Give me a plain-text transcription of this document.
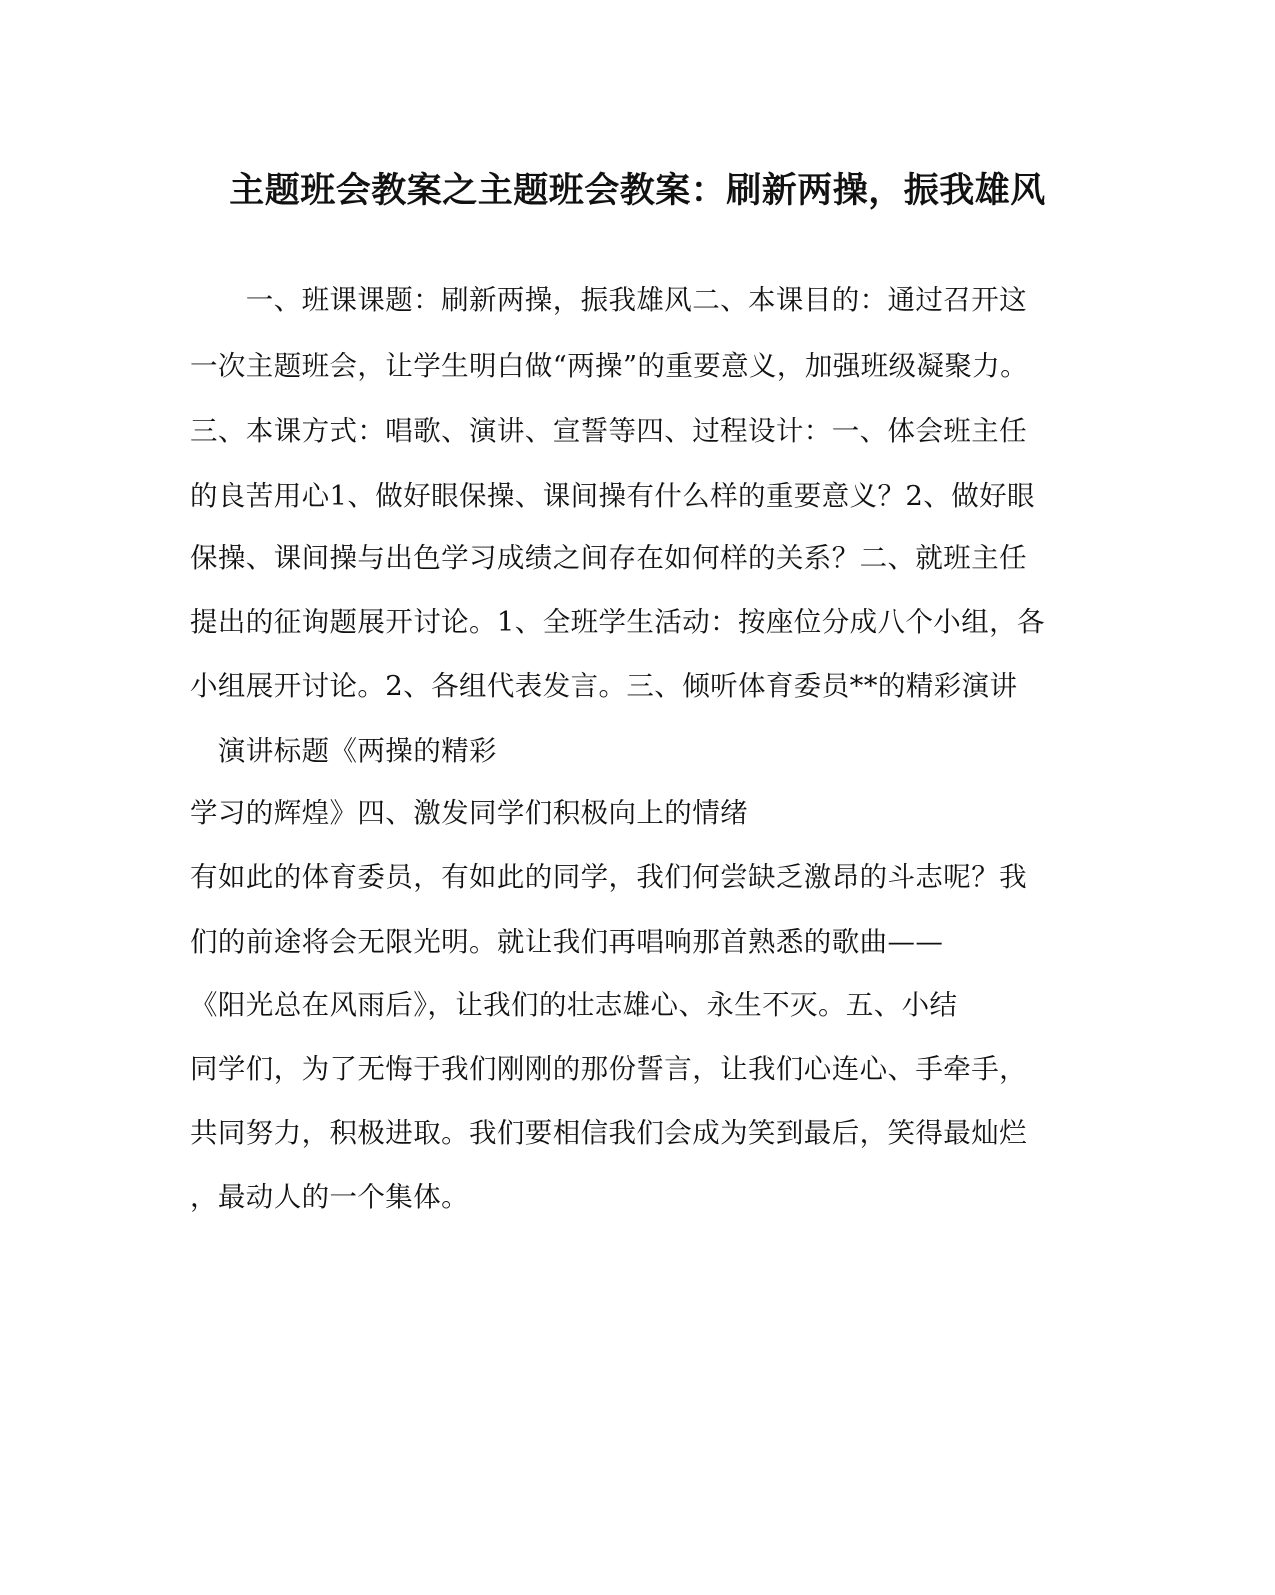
主题班会教案之主题班会教案：刷新两操，振我雄风
　　一、班课课题：刷新两操，振我雄风二、本课目的：通过召开这
一次主题班会，让学生明白做“两操”的重要意义，加强班级凝聚力。
三、本课方式：唱歌、演讲、宣誓等四、过程设计：一、体会班主任
的良苦用心1、做好眼保操、课间操有什么样的重要意义？2、做好眼
保操、课间操与出色学习成绩之间存在如何样的关系？二、就班主任
提出的征询题展开讨论。1、全班学生活动：按座位分成八个小组，各
小组展开讨论。2、各组代表发言。三、倾听体育委员**的精彩演讲
　演讲标题《两操的精彩
学习的辉煌》四、激发同学们积极向上的情绪
有如此的体育委员，有如此的同学，我们何尝缺乏激昂的斗志呢？我
们的前途将会无限光明。就让我们再唱响那首熟悉的歌曲——
《阳光总在风雨后》，让我们的壮志雄心、永生不灭。五、小结
同学们，为了无悔于我们刚刚的那份誓言，让我们心连心、手牵手，
共同努力，积极进取。我们要相信我们会成为笑到最后，笑得最灿烂
，最动人的一个集体。
